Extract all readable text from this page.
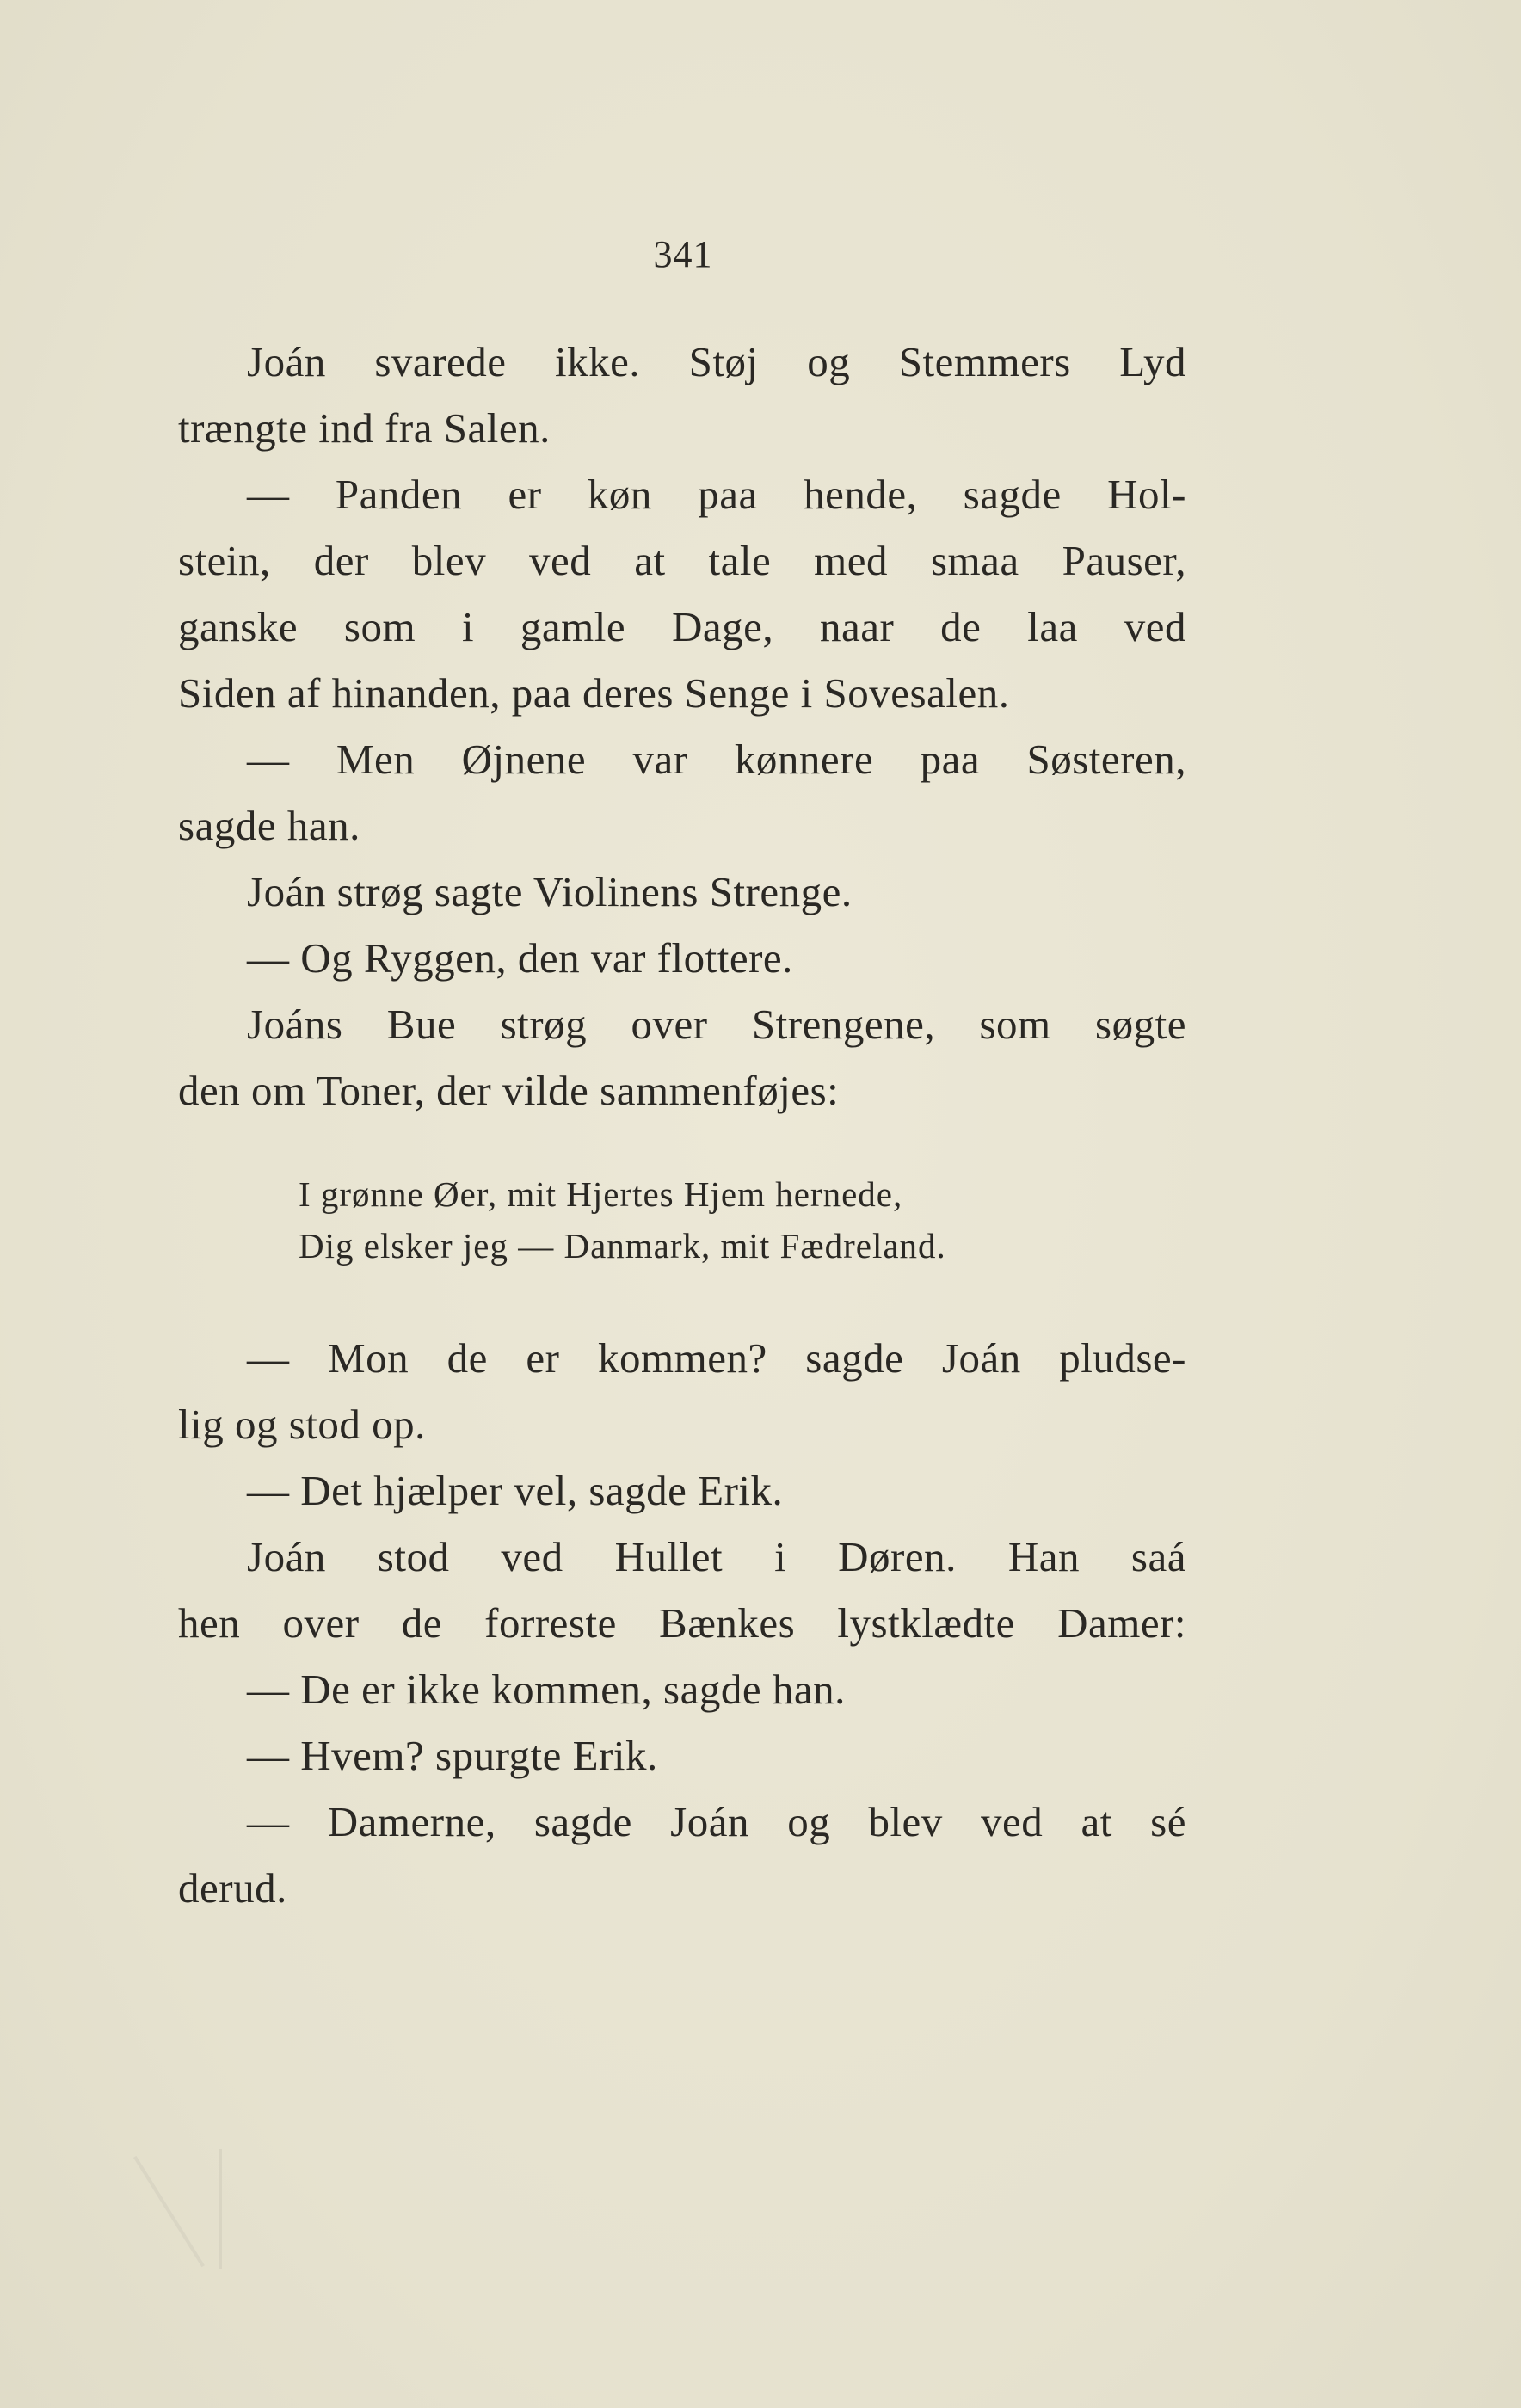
341
Joán svarede ikke. Støj og Stemmers Lyd
trængte ind fra Salen.
— Panden er køn paa hende, sagde Hol-
stein, der blev ved at tale med smaa Pauser,
ganske som i gamle Dage, naar de laa ved
Siden af hinanden, paa deres Senge i Sovesalen.
— Men Øjnene var kønnere paa Søsteren,
sagde han.
Joán strøg sagte Violinens Strenge.
— Og Ryggen, den var flottere.
Joáns Bue strøg over Strengene, som søgte
den om Toner, der vilde sammenføjes:
I grønne Øer, mit Hjertes Hjem hernede,
Dig elsker jeg — Danmark, mit Fædreland.
— Mon de er kommen? sagde Joán pludse-
lig og stod op.
— Det hjælper vel, sagde Erik.
Joán stod ved Hullet i Døren. Han saá
hen over de forreste Bænkes lystklædte Damer:
— De er ikke kommen, sagde han.
— Hvem? spurgte Erik.
— Damerne, sagde Joán og blev ved at sé
derud.
